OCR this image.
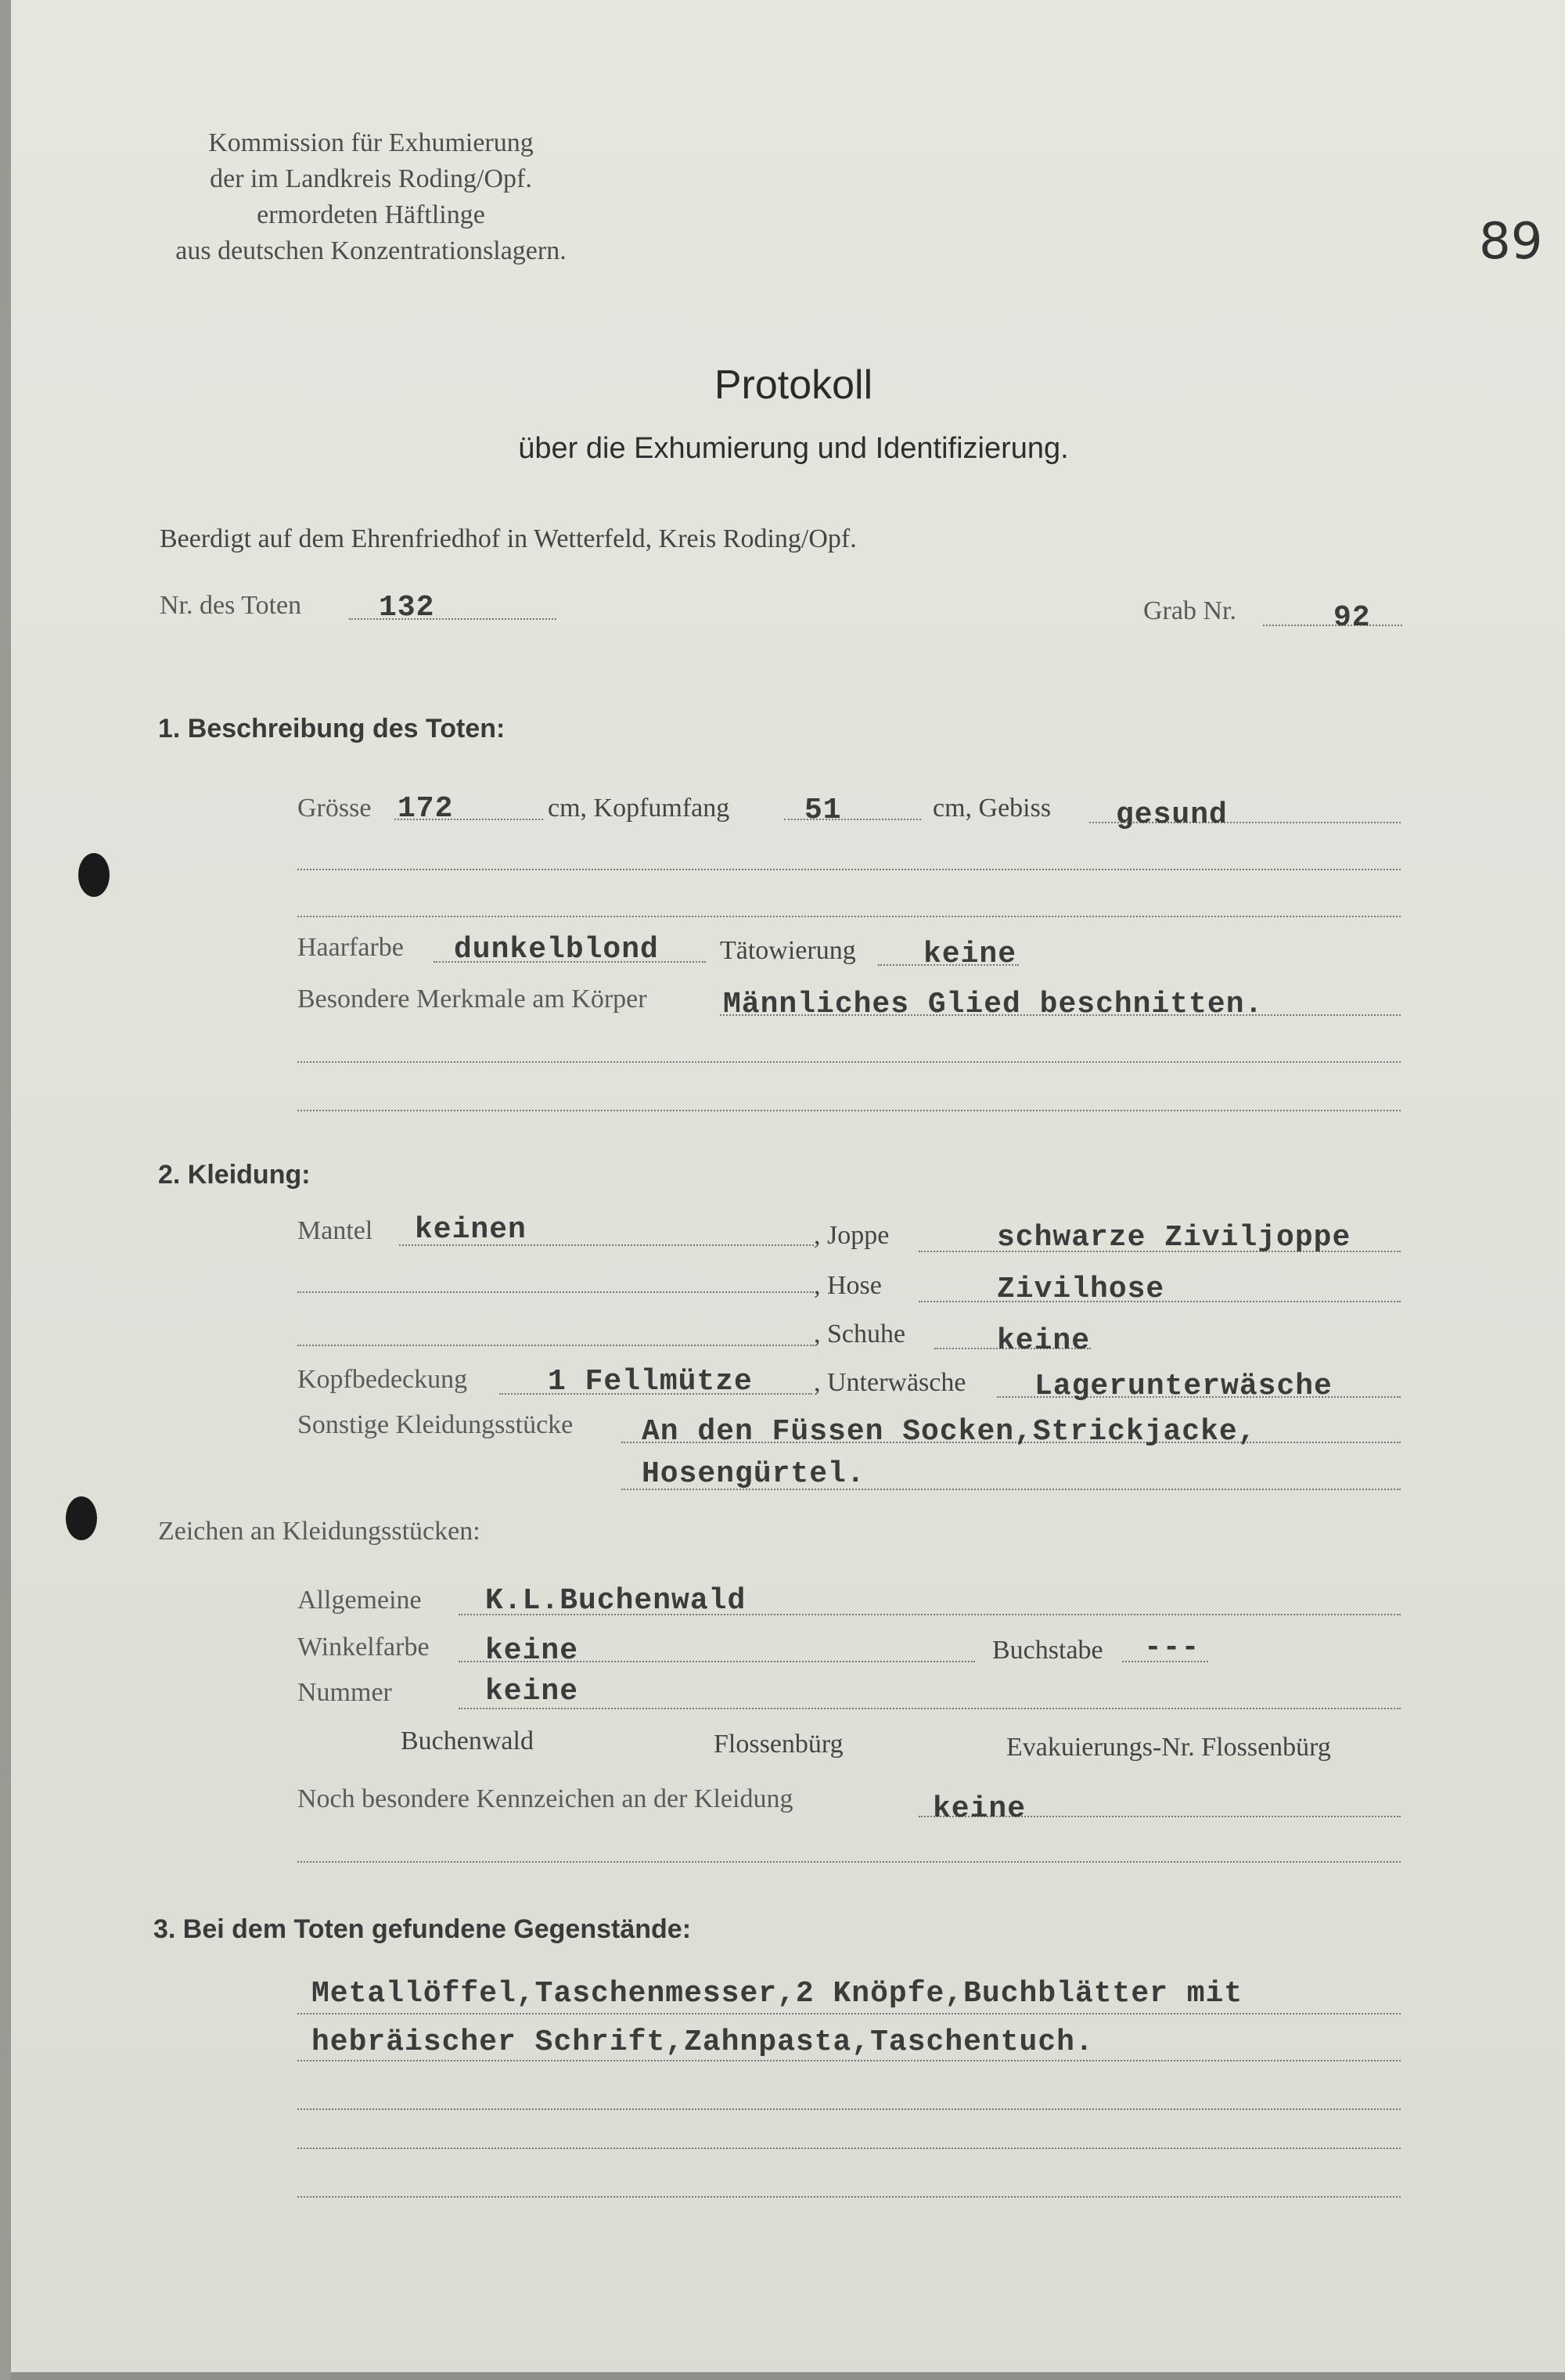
Kommission für Exhumierung
der im Landkreis Roding/Opf.
ermordeten Häftlinge
aus deutschen Konzentrationslagern.	89
Protokoll
über die Exhumierung und Identifizierung.
Beerdigt auf dem Ehrenfriedhof in Wetterfeld, Kreis Roding/Opf.
Nr. des Toten	132	Grab Nr.	92
1. Beschreibung des Toten:
Grösse 172	cm, Kopfumfang	51	cm, Gebiss gesund
Haarfarbe dunkelblond Tätowierung keine
Besondere Merkmale am Körper	Männliches Glied beschnitten.
2. Kleidung:
Mantel keinen	, Joppe	schwarze Ziviljoppe
, Hose	Zivilhose
, Schuhe	keine
Kopfbedeckung	1 Fellmütze , Unterwäsche Lagerunterwäsche
Sonstige Kleidungsstücke An den Füssen Socken,Strickjacke,
Hosengürtel.
Zeichen an Kleidungsstücken:
Allgemeine K.L.Buchenwald
Winkelfarbe keine	Buchstabe ---
Nummer	keine
Buchenwald	Flossenbürg	Evakuierungs-Nr. Flossenbürg
Noch besondere Kennzeichen an der Kleidung	keine
3. Bei dem Toten gefundene Gegenstände:
Metallöffel,Taschenmesser,2 Knöpfe,Buchblätter mit
hebräischer Schrift,Zahnpasta,Taschentuch.
